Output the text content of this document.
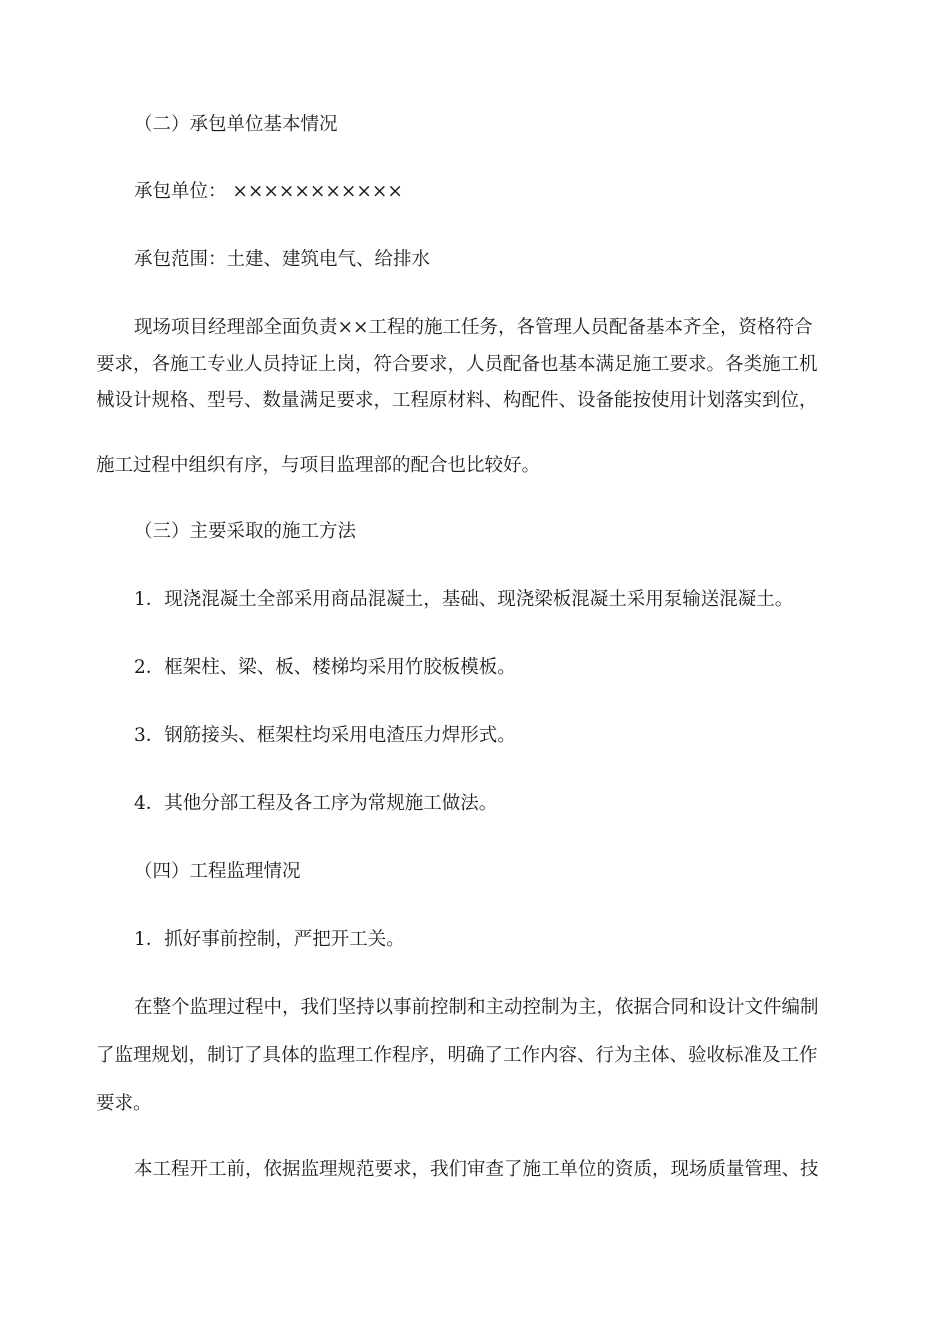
（二）承包单位基本情况
承包单位： ×××××××××××
承包范围：土建、建筑电气、给排水
现场项目经理部全面负责××工程的施工任务，各管理人员配备基本齐全，资格符合
要求，各施工专业人员持证上岗，符合要求，人员配备也基本满足施工要求。各类施工机
械设计规格、型号、数量满足要求，工程原材料、构配件、设备能按使用计划落实到位，
施工过程中组织有序，与项目监理部的配合也比较好。
（三）主要采取的施工方法
1．现浇混凝土全部采用商品混凝土，基础、现浇梁板混凝土采用泵输送混凝土。
2．框架柱、梁、板、楼梯均采用竹胶板模板。
3．钢筋接头、框架柱均采用电渣压力焊形式。
4．其他分部工程及各工序为常规施工做法。
（四）工程监理情况
1．抓好事前控制，严把开工关。
在整个监理过程中，我们坚持以事前控制和主动控制为主，依据合同和设计文件编制
了监理规划，制订了具体的监理工作程序，明确了工作内容、行为主体、验收标准及工作
要求。
本工程开工前，依据监理规范要求，我们审查了施工单位的资质，现场质量管理、技
